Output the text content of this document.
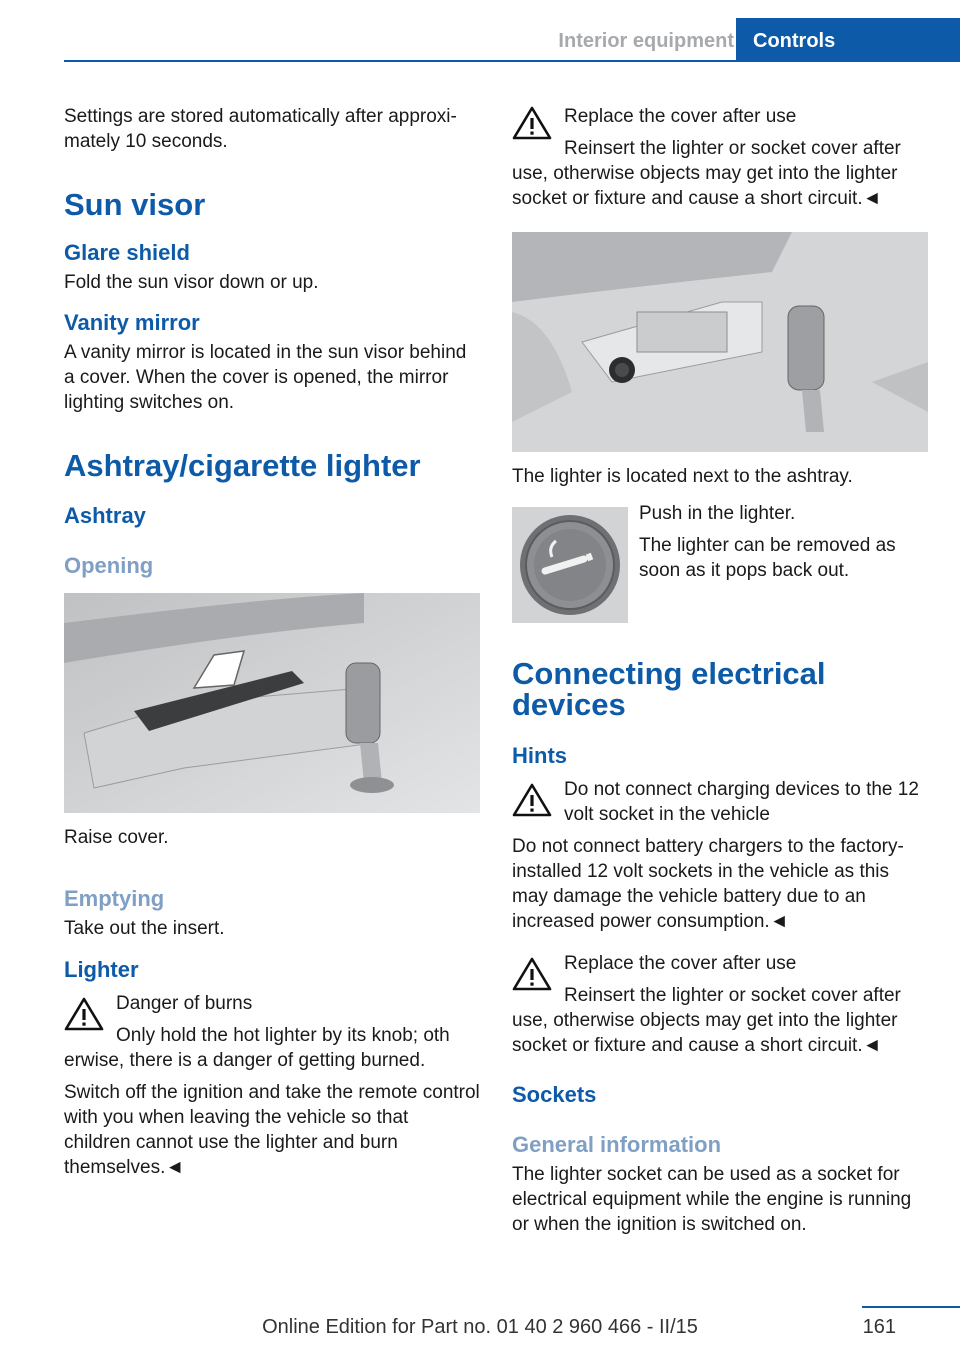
Interior equipment Controls

Settings are stored automatically after approximately 10 seconds.

Sun visor
Glare shield

Fold the sun visor down or up.

Vanity mirror

A vanity mirror is located in the sun visor behind a cover. When the cover is opened, the mirror lighting switches on.

Ashtray/cigarette lighter
Ashtray
Opening

Raise cover.

Emptying

Take out the insert.

Lighter

Danger of burns

Only hold the hot lighter by its knob; oth

erwise, there is a danger of getting burned.

Switch off the ignition and take the remote control with you when leaving the vehicle so that children cannot use the lighter and burn themselves.◄

Replace the cover after use

Reinsert the lighter or socket cover after

use, otherwise objects may get into the lighter socket or fixture and cause a short circuit.◄

The lighter is located next to the ashtray.

Push in the lighter.

The lighter can be removed as soon as it pops back out.

Connecting electrical devices
Hints

Do not connect charging devices to the 12 volt socket in the vehicle

Do not connect battery chargers to the factory-installed 12 volt sockets in the vehicle as this may damage the vehicle battery due to an increased power consumption.◄

Replace the cover after use

Reinsert the lighter or socket cover after

use, otherwise objects may get into the lighter socket or fixture and cause a short circuit.◄

Sockets
General information

The lighter socket can be used as a socket for electrical equipment while the engine is running or when the ignition is switched on.

Online Edition for Part no. 01 40 2 960 466 - II/15	161
